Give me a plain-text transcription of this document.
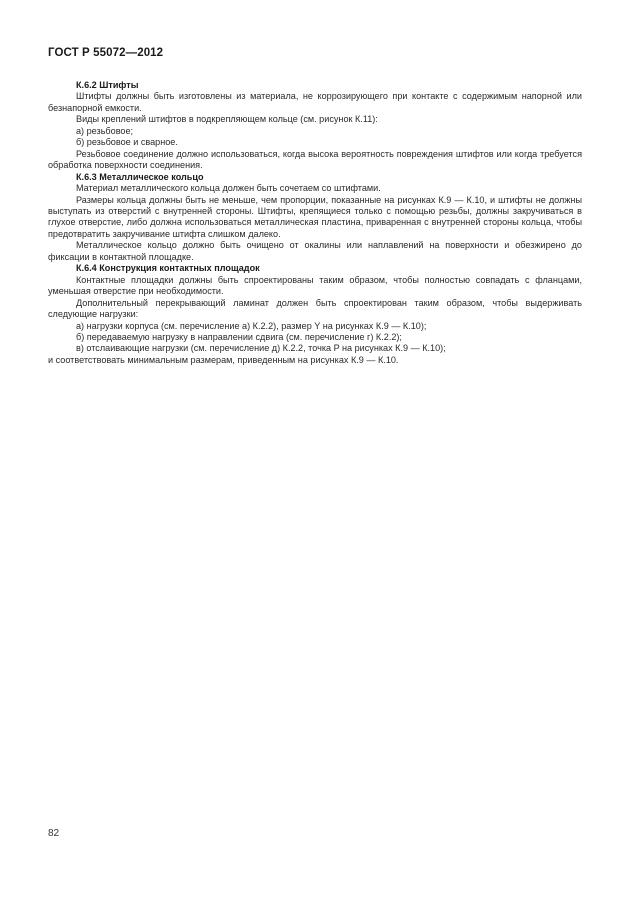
ГОСТ Р 55072—2012

К.6.2 Штифты

Штифты должны быть изготовлены из материала, не коррозирующего при контакте с содержимым напорной или безнапорной емкости.

Виды креплений штифтов в подкрепляющем кольце (см. рисунок К.11):

а) резьбовое;

б) резьбовое и сварное.

Резьбовое соединение должно использоваться, когда высока вероятность повреждения штифтов или когда требуется обработка поверхности соединения.

К.6.3 Металлическое кольцо

Материал металлического кольца должен быть сочетаем со штифтами.

Размеры кольца должны быть не меньше, чем пропорции, показанные на рисунках К.9 — К.10, и штифты не должны выступать из отверстий с внутренней стороны. Штифты, крепящиеся только с помощью резьбы, должны закручиваться в глухое отверстие, либо должна использоваться металлическая пластина, приваренная с внутренней стороны кольца, чтобы предотвратить закручивание штифта слишком далеко.

Металлическое кольцо должно быть очищено от окалины или наплавлений на поверхности и обезжирено до фиксации в контактной площадке.

К.6.4 Конструкция контактных площадок

Контактные площадки должны быть спроектированы таким образом, чтобы полностью совпадать с фланцами, уменьшая отверстие при необходимости.

Дополнительный перекрывающий ламинат должен быть спроектирован таким образом, чтобы выдерживать следующие нагрузки:

а) нагрузки корпуса (см. перечисление а) К.2.2), размер Y на рисунках К.9 — К.10);

б) передаваемую нагрузку в направлении сдвига (см. перечисление г) К.2.2);

в) отслаивающие нагрузки (см. перечисление д) К.2.2, точка P на рисунках К.9 — К.10);

и соответствовать минимальным размерам, приведенным на рисунках К.9 — К.10.

82
